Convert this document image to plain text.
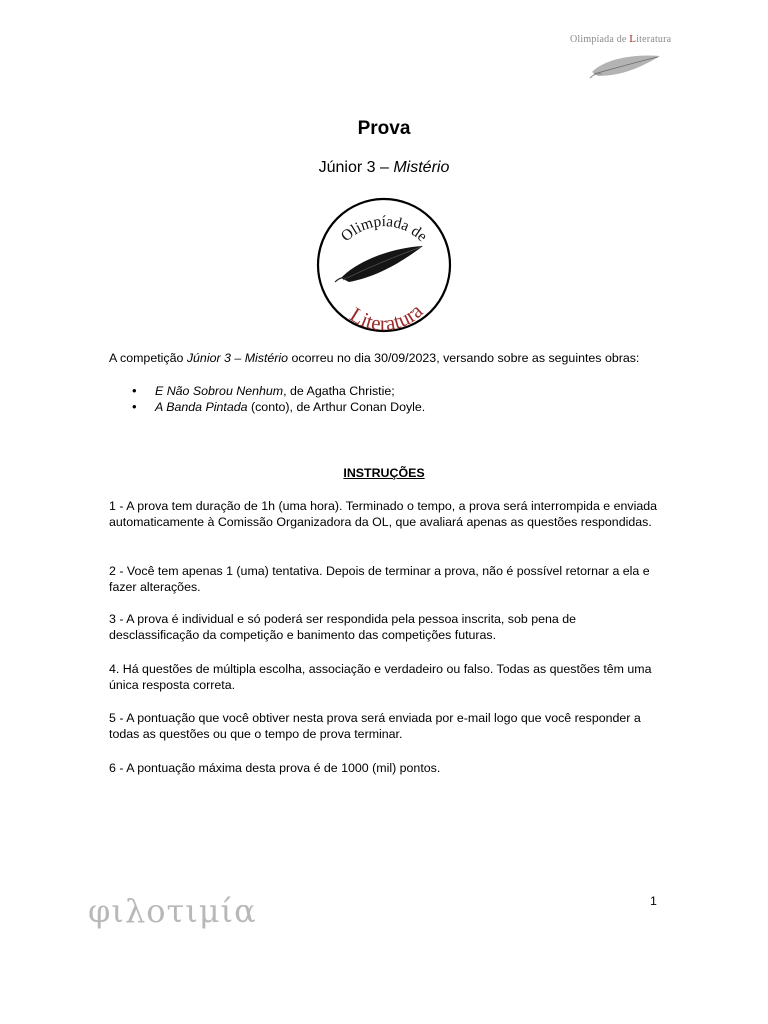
Olimpíada de Literatura
Prova
Júnior 3 – Mistério
Olimpíada de
Literatura
A competição Júnior 3 – Mistério ocorreu no dia 30/09/2023, versando sobre as seguintes obras:
• E Não Sobrou Nenhum, de Agatha Christie;
• A Banda Pintada (conto), de Arthur Conan Doyle.
INSTRUÇÕES

1 - A prova tem duração de 1h (uma hora). Terminado o tempo, a prova será interrompida e enviada automaticamente à Comissão Organizadora da OL, que avaliará apenas as questões respondidas.

2 - Você tem apenas 1 (uma) tentativa. Depois de terminar a prova, não é possível retornar a ela e fazer alterações.

3 - A prova é individual e só poderá ser respondida pela pessoa inscrita, sob pena de desclassificação da competição e banimento das competições futuras.

4. Há questões de múltipla escolha, associação e verdadeiro ou falso. Todas as questões têm uma única resposta correta.

5 - A pontuação que você obtiver nesta prova será enviada por e-mail logo que você responder a todas as questões ou que o tempo de prova terminar.

6 - A pontuação máxima desta prova é de 1000 (mil) pontos.

φιλοτιμία	1
